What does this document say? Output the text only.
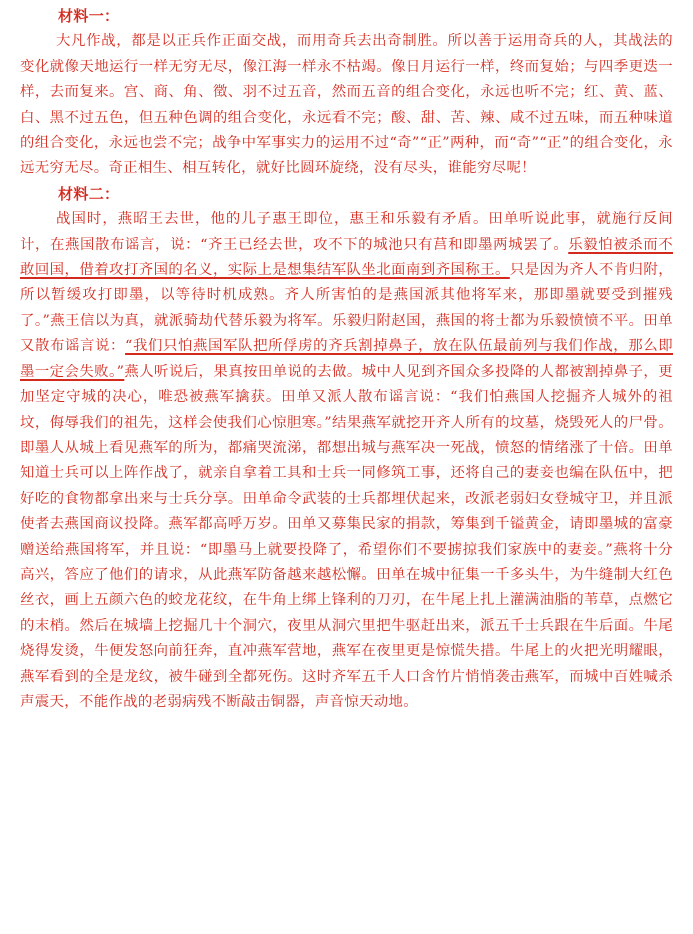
材料一：

大凡作战，都是以正兵作正面交战，而用奇兵去出奇制胜。所以善于运用奇兵的人，其战法的变化就像天地运行一样无穷无尽，像江海一样永不枯竭。像日月运行一样，终而复始；与四季更迭一样，去而复来。宫、商、角、徵、羽不过五音，然而五音的组合变化，永远也听不完；红、黄、蓝、白、黑不过五色，但五种色调的组合变化，永远看不完；酸、甜、苦、辣、咸不过五味，而五种味道的组合变化，永远也尝不完；战争中军事实力的运用不过“奇”“正”两种，而“奇”“正”的组合变化，永远无穷无尽。奇正相生、相互转化，就好比圆环旋绕，没有尽头，谁能穷尽呢！

材料二：

战国时，燕昭王去世，他的儿子惠王即位，惠王和乐毅有矛盾。田单听说此事，就施行反间计，在燕国散布谣言，说：“齐王已经去世，攻不下的城池只有莒和即墨两城罢了。乐毅怕被杀而不敢回国，借着攻打齐国的名义，实际上是想集结军队坐北面南到齐国称王。只是因为齐人不肯归附，所以暂缓攻打即墨，以等待时机成熟。齐人所害怕的是燕国派其他将军来，那即墨就要受到摧残了。”燕王信以为真，就派骑劫代替乐毅为将军。乐毅归附赵国，燕国的将士都为乐毅愤愤不平。田单又散布谣言说：“我们只怕燕国军队把所俘虏的齐兵割掉鼻子，放在队伍最前列与我们作战，那么即墨一定会失败。”燕人听说后，果真按田单说的去做。城中人见到齐国众多投降的人都被割掉鼻子，更加坚定守城的决心，唯恐被燕军擒获。田单又派人散布谣言说：“我们怕燕国人挖掘齐人城外的祖坟，侮辱我们的祖先，这样会使我们心惊胆寒。”结果燕军就挖开齐人所有的坟墓，烧毁死人的尸骨。即墨人从城上看见燕军的所为，都痛哭流涕，都想出城与燕军决一死战，愤怒的情绪涨了十倍。田单知道士兵可以上阵作战了，就亲自拿着工具和士兵一同修筑工事，还将自己的妻妾也编在队伍中，把好吃的食物都拿出来与士兵分享。田单命令武装的士兵都埋伏起来，改派老弱妇女登城守卫，并且派使者去燕国商议投降。燕军都高呼万岁。田单又募集民家的捐款，筹集到千镒黄金，请即墨城的富豪赠送给燕国将军，并且说：“即墨马上就要投降了，希望你们不要掳掠我们家族中的妻妾。”燕将十分高兴，答应了他们的请求，从此燕军防备越来越松懈。田单在城中征集一千多头牛，为牛缝制大红色丝衣，画上五颜六色的蛟龙花纹，在牛角上绑上锋利的刀刃，在牛尾上扎上灌满油脂的苇草，点燃它的末梢。然后在城墙上挖掘几十个洞穴，夜里从洞穴里把牛驱赶出来，派五千士兵跟在牛后面。牛尾烧得发烫，牛便发怒向前狂奔，直冲燕军营地，燕军在夜里更是惊慌失措。牛尾上的火把光明耀眼，燕军看到的全是龙纹，被牛碰到全都死伤。这时齐军五千人口含竹片悄悄袭击燕军，而城中百姓喊杀声震天，不能作战的老弱病残不断敲击铜器，声音惊天动地。
